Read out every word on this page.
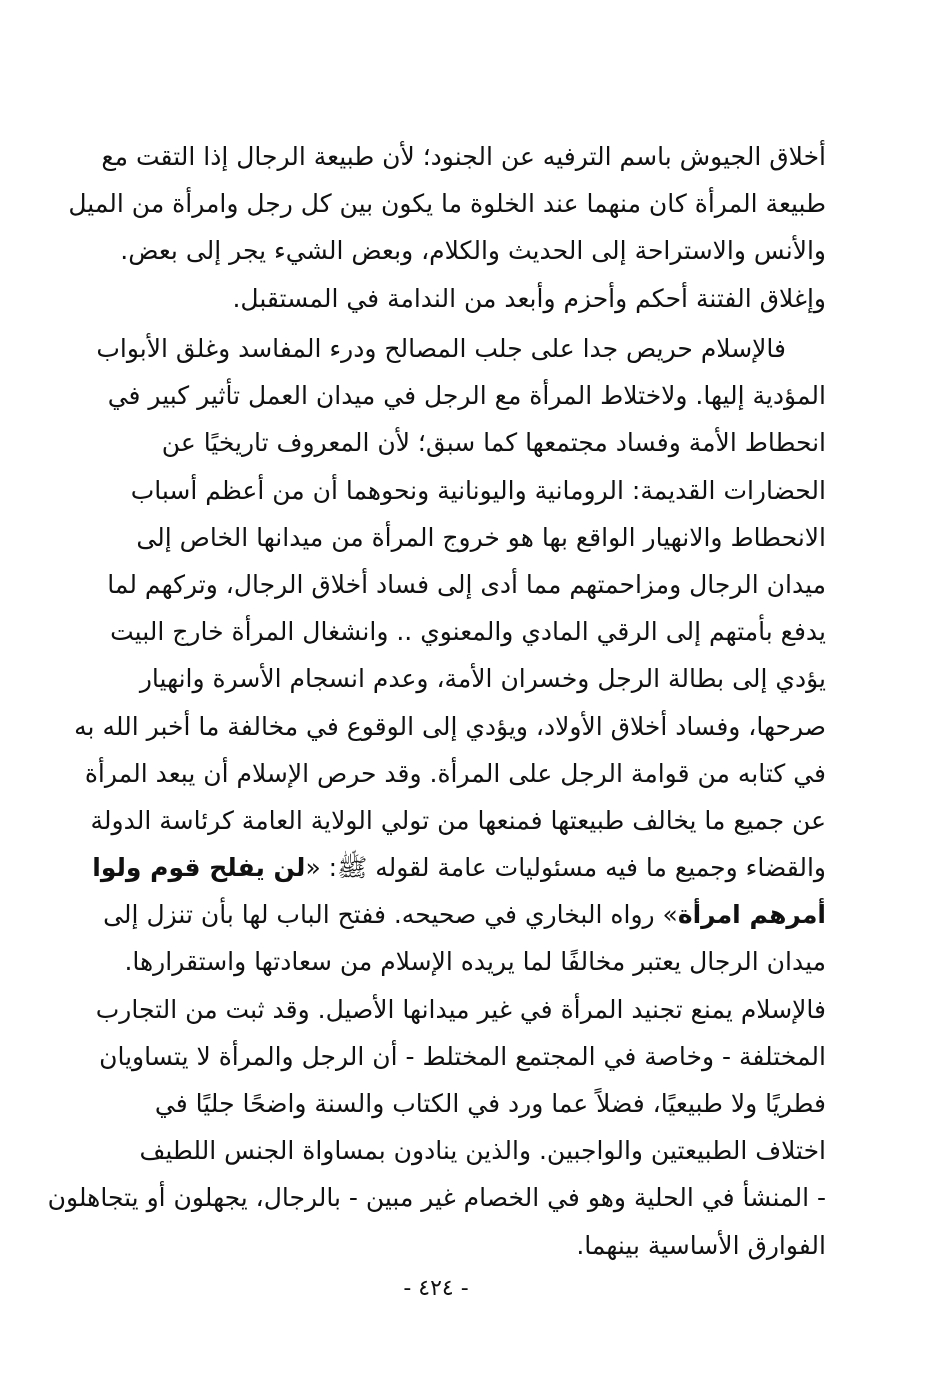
أخلاق الجيوش باسم الترفيه عن الجنود؛ لأن طبيعة الرجال إذا التقت مع
طبيعة المرأة كان منهما عند الخلوة ما يكون بين كل رجل وامرأة من الميل
والأنس والاستراحة إلى الحديث والكلام، وبعض الشيء يجر إلى بعض.
وإغلاق الفتنة أحكم وأحزم وأبعد من الندامة في المستقبل.
فالإسلام حريص جدا على جلب المصالح ودرء المفاسد وغلق الأبواب
المؤدية إليها. ولاختلاط المرأة مع الرجل في ميدان العمل تأثير كبير في
انحطاط الأمة وفساد مجتمعها كما سبق؛ لأن المعروف تاريخيًا عن
الحضارات القديمة: الرومانية واليونانية ونحوهما أن من أعظم أسباب
الانحطاط والانهيار الواقع بها هو خروج المرأة من ميدانها الخاص إلى
ميدان الرجال ومزاحمتهم مما أدى إلى فساد أخلاق الرجال، وتركهم لما
يدفع بأمتهم إلى الرقي المادي والمعنوي .. وانشغال المرأة خارج البيت
يؤدي إلى بطالة الرجل وخسران الأمة، وعدم انسجام الأسرة وانهيار
صرحها، وفساد أخلاق الأولاد، ويؤدي إلى الوقوع في مخالفة ما أخبر الله به
في كتابه من قوامة الرجل على المرأة. وقد حرص الإسلام أن يبعد المرأة
عن جميع ما يخالف طبيعتها فمنعها من تولي الولاية العامة كرئاسة الدولة
والقضاء وجميع ما فيه مسئوليات عامة لقوله ﷺ: «لن يفلح قوم ولوا
أمرهم امرأة» رواه البخاري في صحيحه. ففتح الباب لها بأن تنزل إلى
ميدان الرجال يعتبر مخالفًا لما يريده الإسلام من سعادتها واستقرارها.
فالإسلام يمنع تجنيد المرأة في غير ميدانها الأصيل. وقد ثبت من التجارب
المختلفة - وخاصة في المجتمع المختلط - أن الرجل والمرأة لا يتساويان
فطريًا ولا طبيعيًا، فضلاً عما ورد في الكتاب والسنة واضحًا جليًا في
اختلاف الطبيعتين والواجبين. والذين ينادون بمساواة الجنس اللطيف
- المنشأ في الحلية وهو في الخصام غير مبين - بالرجال، يجهلون أو يتجاهلون
الفوارق الأساسية بينهما.
- ٤٢٤ -
